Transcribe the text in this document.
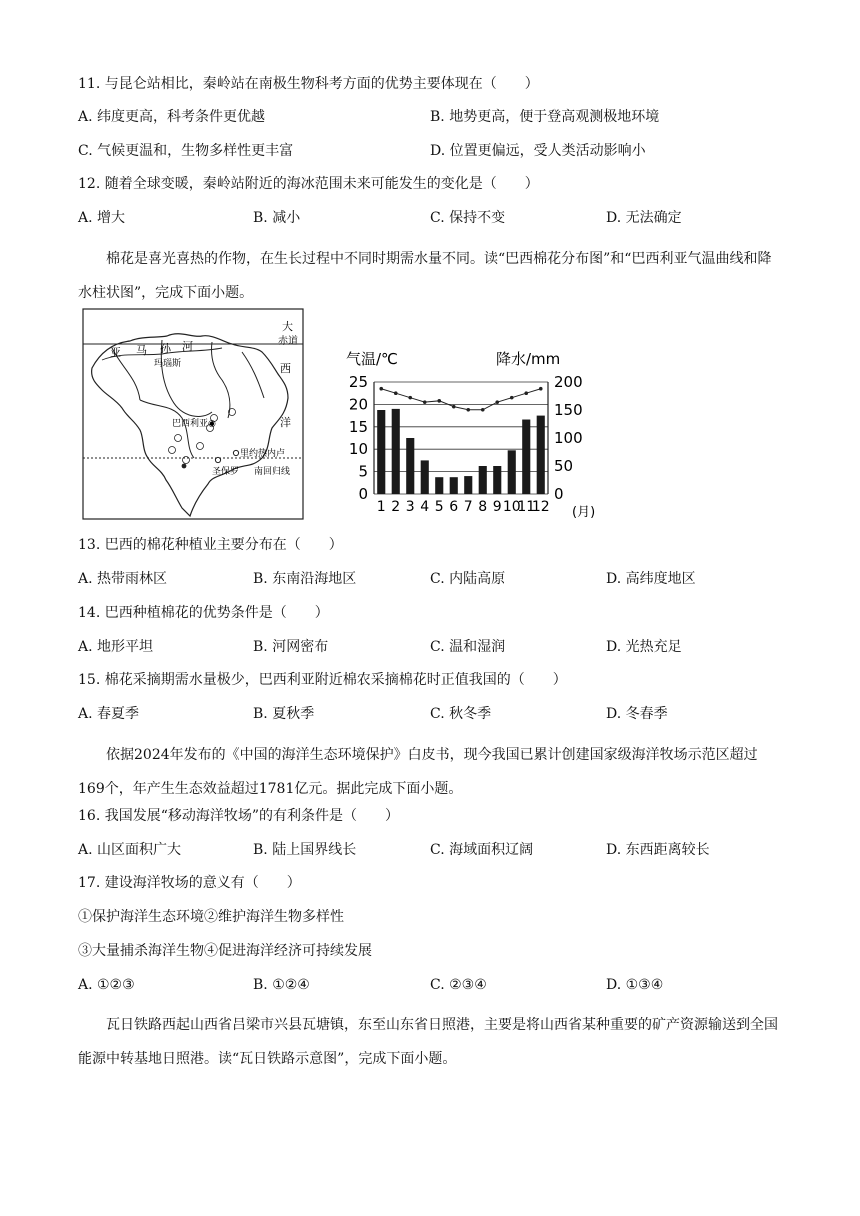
11. 与昆仑站相比，秦岭站在南极生物科考方面的优势主要体现在（　　）
A. 纬度更高，科考条件更优越	B. 地势更高，便于登高观测极地环境
C. 气候更温和，生物多样性更丰富	D. 位置更偏远，受人类活动影响小
12. 随着全球变暖，秦岭站附近的海冰范围未来可能发生的变化是（　　）
A. 增大	B. 减小	C. 保持不变	D. 无法确定
棉花是喜光喜热的作物，在生长过程中不同时期需水量不同。读“巴西棉花分布图”和“巴西利亚气温曲线和降水柱状图”，完成下面小题。
大
赤道
亚 马 孙 河
玛瑙斯	西
洋
巴西利亚◉
里约热内卢
圣保罗 南回归线
气温/℃	降水/mm
25
20
15
10
5
0
200
150
100
50
0
1 2 3 4 5 6 7 8 9 10
11
12 (月)
13. 巴西的棉花种植业主要分布在（　　）
A. 热带雨林区	B. 东南沿海地区	C. 内陆高原	D. 高纬度地区
14. 巴西种植棉花的优势条件是（　　）
A. 地形平坦	B. 河网密布	C. 温和湿润	D. 光热充足
15. 棉花采摘期需水量极少，巴西利亚附近棉农采摘棉花时正值我国的（　　）
A. 春夏季	B. 夏秋季	C. 秋冬季	D. 冬春季
依据2024年发布的《中国的海洋生态环境保护》白皮书，现今我国已累计创建国家级海洋牧场示范区超过169个，年产生生态效益超过1781亿元。据此完成下面小题。
16. 我国发展“移动海洋牧场”的有利条件是（　　）
A. 山区面积广大	B. 陆上国界线长	C. 海域面积辽阔	D. 东西距离较长
17. 建设海洋牧场的意义有（　　）
①保护海洋生态环境②维护海洋生物多样性
③大量捕杀海洋生物④促进海洋经济可持续发展
A. ①②③	B. ①②④	C. ②③④	D. ①③④
瓦日铁路西起山西省吕梁市兴县瓦塘镇，东至山东省日照港，主要是将山西省某种重要的矿产资源输送到全国能源中转基地日照港。读“瓦日铁路示意图”，完成下面小题。
